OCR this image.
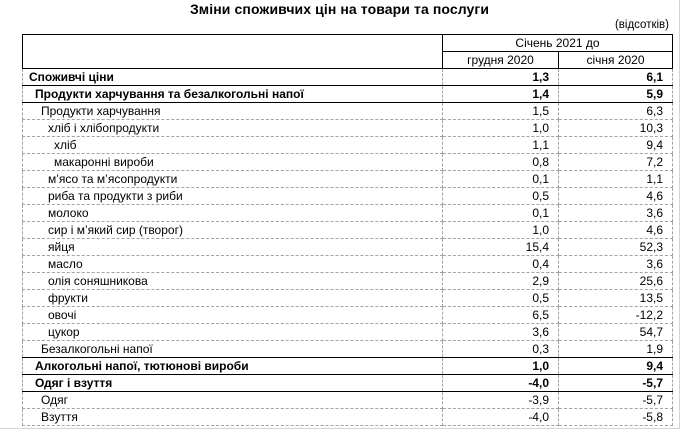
Зміни споживчих цін на товари та послуги
(відсотків)
	Січень 2021 до	
	грудня 2020	січня 2020
Споживчі ціни	1,3	6,1
Продукти харчування та безалкогольні напої	1,4	5,9
Продукти харчування	1,5	6,3
хліб і хлібопродукти	1,0	10,3
хліб	1,1	9,4
макаронні вироби	0,8	7,2
м’ясо та м’ясопродукти	0,1	1,1
риба та продукти з риби	0,5	4,6
молоко	0,1	3,6
сир і м’який сир (творог)	1,0	4,6
яйця	15,4	52,3
масло	0,4	3,6
олія соняшникова	2,9	25,6
фрукти	0,5	13,5
овочі	6,5	-12,2
цукор	3,6	54,7
Безалкогольні напої	0,3	1,9
Алкогольні напої, тютюнові вироби	1,0	9,4
Одяг і взуття	-4,0	-5,7
Одяг	-3,9	-5,7
Взуття	-4,0	-5,8
